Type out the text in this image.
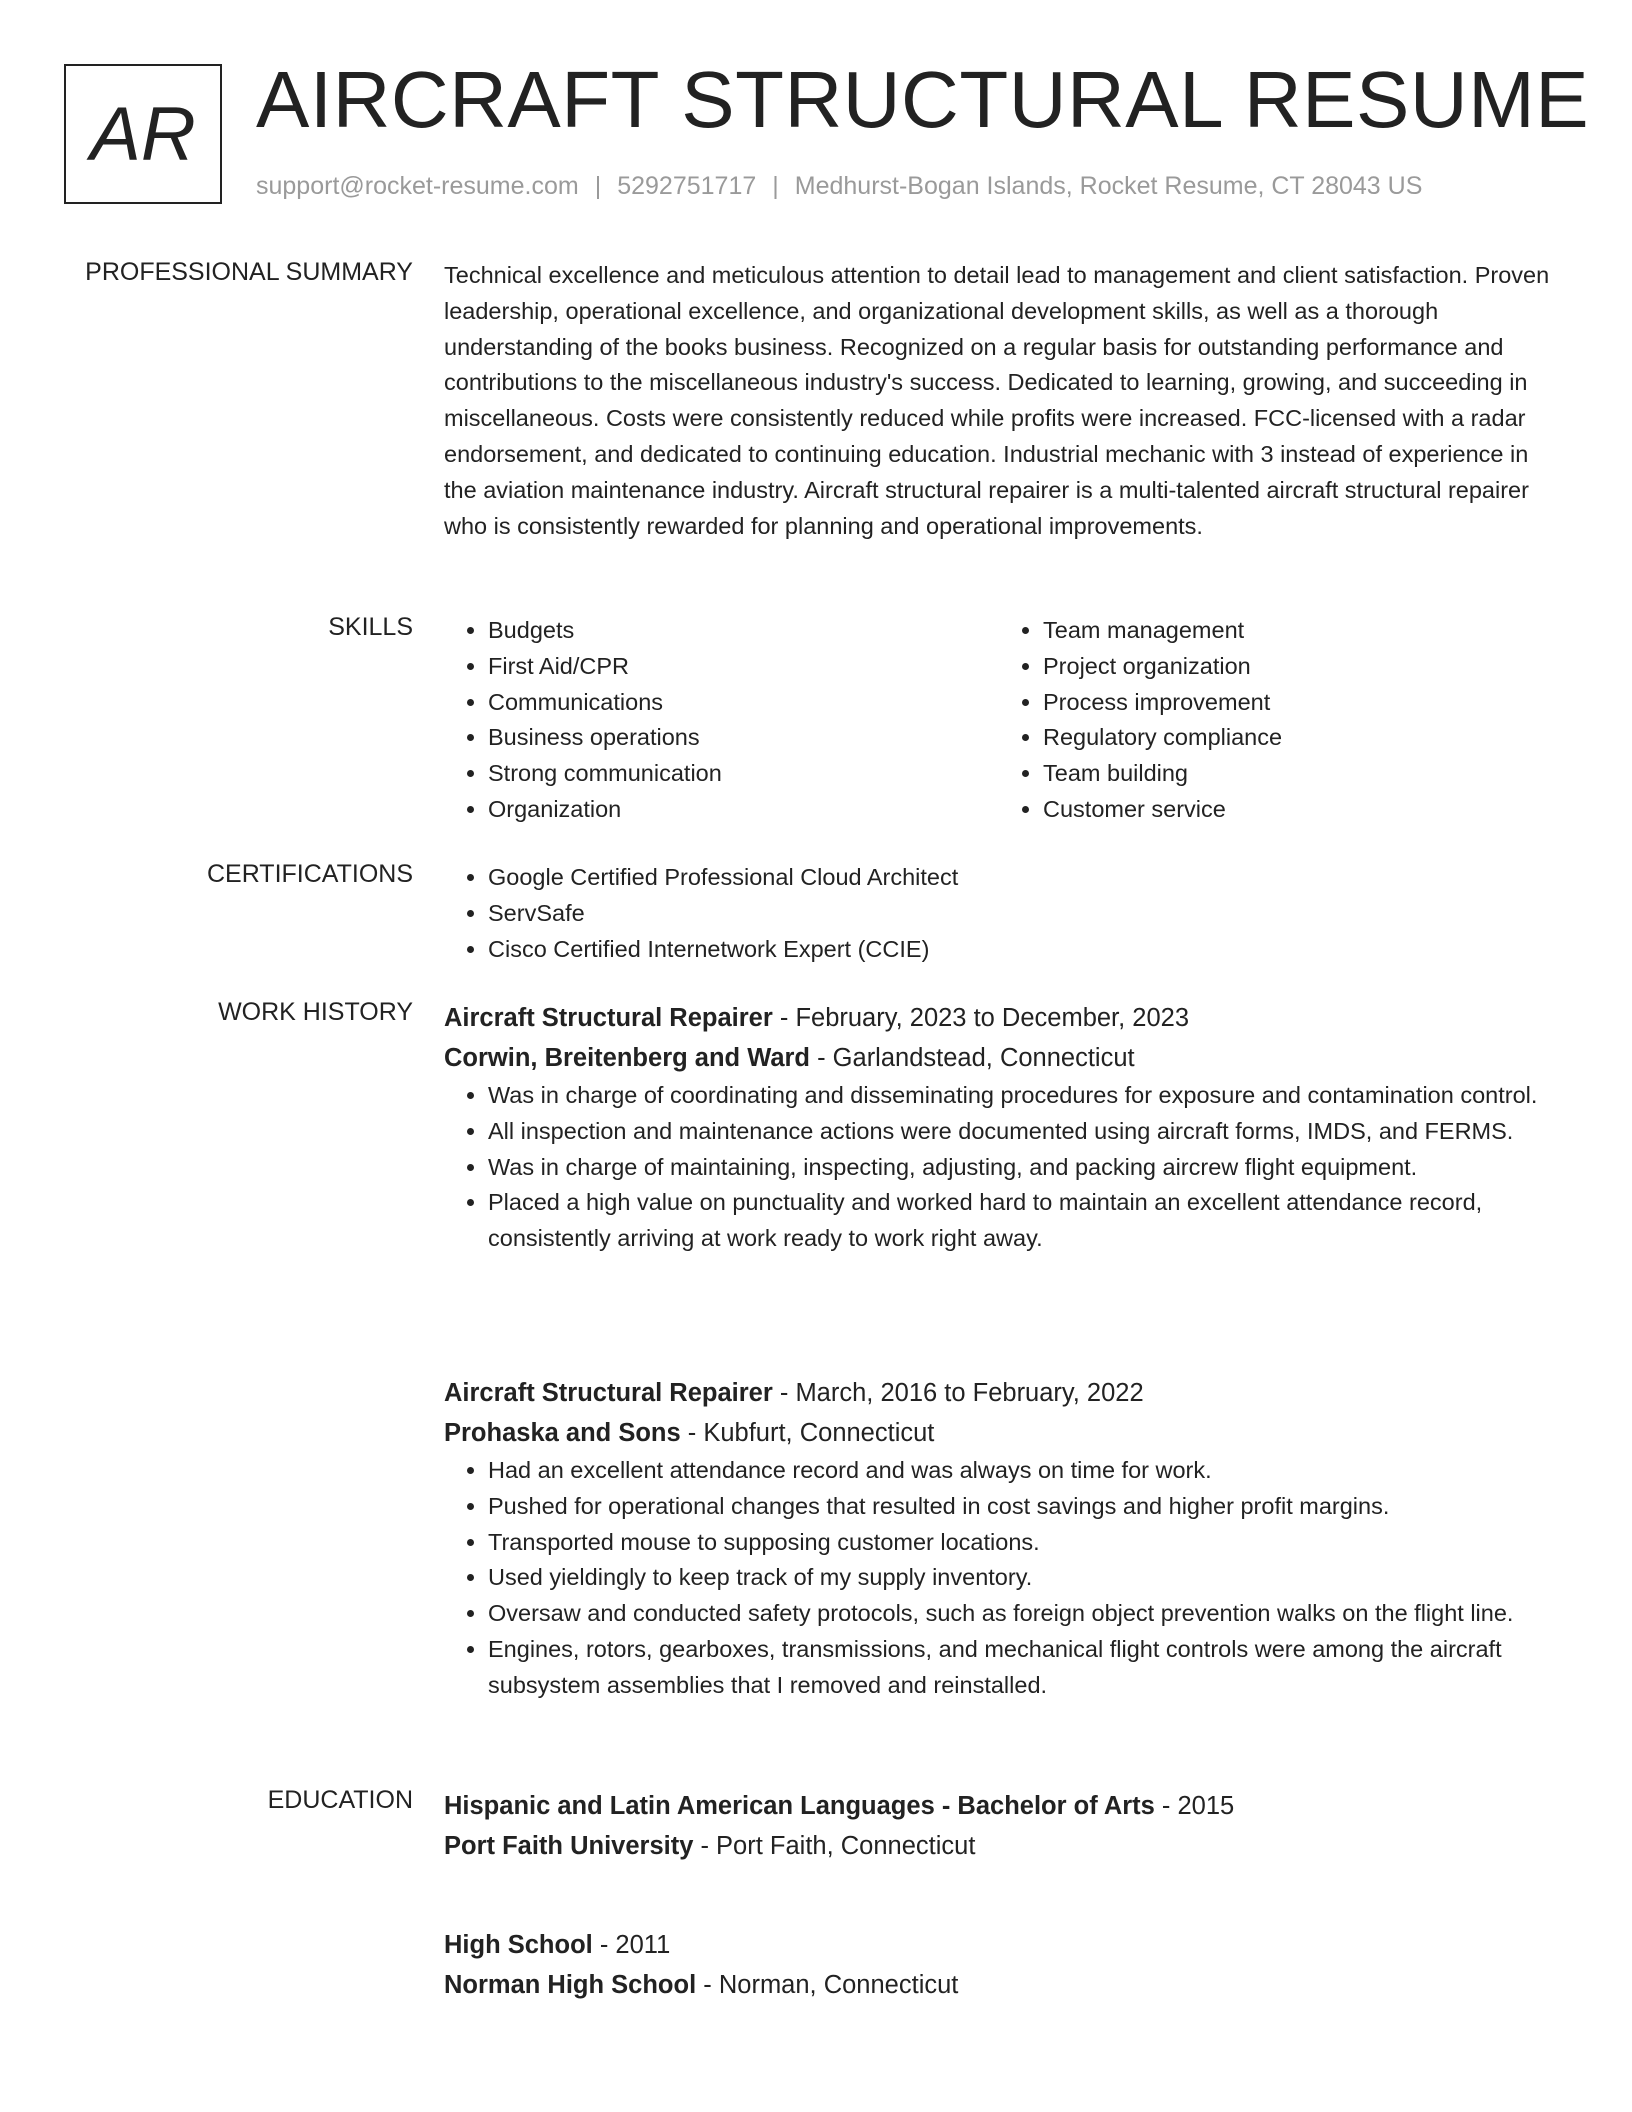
AR AIRCRAFT STRUCTURAL RESUME
support@rocket-resume.com | 5292751717 | Medhurst-Bogan Islands, Rocket Resume, CT 28043 US
PROFESSIONAL SUMMARY Technical excellence and meticulous attention to detail lead to management and client satisfaction. Proven leadership, operational excellence, and organizational development skills, as well as a thorough understanding of the books business. Recognized on a regular basis for outstanding performance and contributions to the miscellaneous industry's success. Dedicated to learning, growing, and succeeding in miscellaneous. Costs were consistently reduced while profits were increased. FCC-licensed with a radar endorsement, and dedicated to continuing education. Industrial mechanic with 3 instead of experience in the aviation maintenance industry. Aircraft structural repairer is a multi-talented aircraft structural repairer who is consistently rewarded for planning and operational improvements.

SKILLS	• Budgets
• First Aid/CPR
• Communications
• Business operations
• Strong communication
• Organization
• Team management
• Project organization
• Process improvement
• Regulatory compliance
• Team building
• Customer service
CERTIFICATIONS	• Google Certified Professional Cloud Architect
• ServSafe
• Cisco Certified Internetwork Expert (CCIE)
WORK HISTORY Aircraft Structural Repairer - February, 2023 to December, 2023
Corwin, Breitenberg and Ward - Garlandstead, Connecticut
• Was in charge of coordinating and disseminating procedures for exposure and contamination control.
• All inspection and maintenance actions were documented using aircraft forms, IMDS, and FERMS.
• Was in charge of maintaining, inspecting, adjusting, and packing aircrew flight equipment.
• Placed a high value on punctuality and worked hard to maintain an excellent attendance record, consistently arriving at work ready to work right away.
Aircraft Structural Repairer - March, 2016 to February, 2022
Prohaska and Sons - Kubfurt, Connecticut
• Had an excellent attendance record and was always on time for work.
• Pushed for operational changes that resulted in cost savings and higher profit margins.
• Transported mouse to supposing customer locations.
• Used yieldingly to keep track of my supply inventory.
• Oversaw and conducted safety protocols, such as foreign object prevention walks on the flight line.
• Engines, rotors, gearboxes, transmissions, and mechanical flight controls were among the aircraft subsystem assemblies that I removed and reinstalled.
EDUCATION Hispanic and Latin American Languages - Bachelor of Arts - 2015
Port Faith University - Port Faith, Connecticut
High School - 2011
Norman High School - Norman, Connecticut
